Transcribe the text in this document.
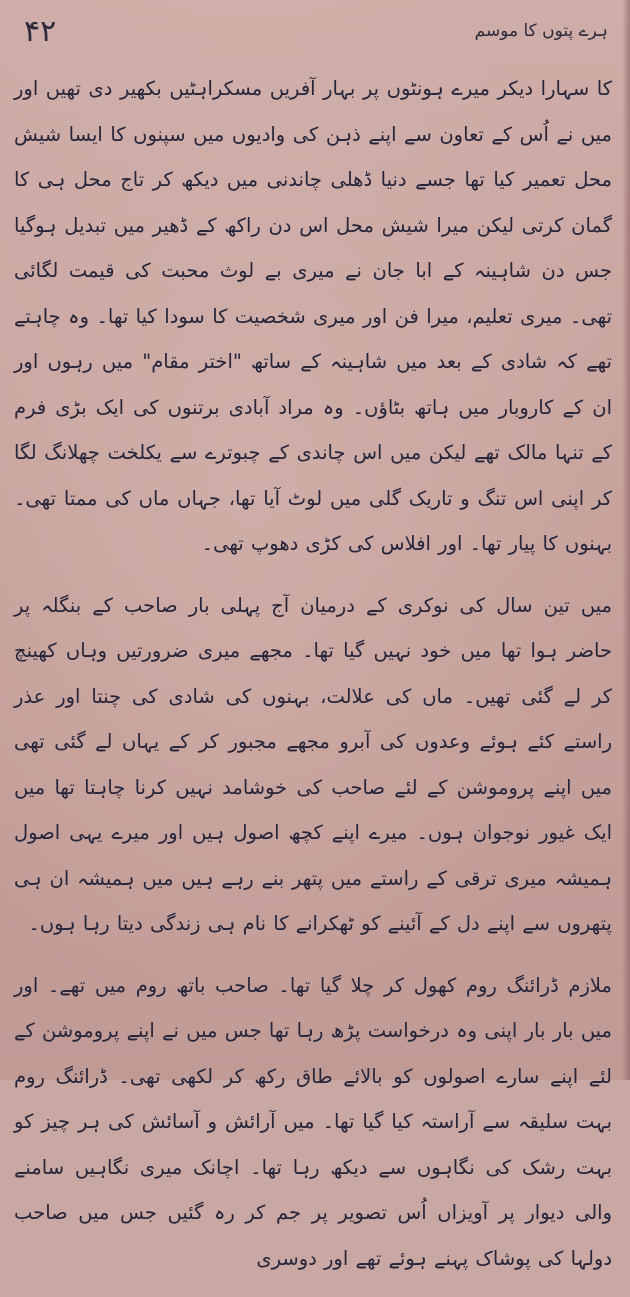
۴۲	ہرے پتوں کا موسم

کا سہارا دیکر میرے ہونٹوں پر بہار آفریں مسکراہٹیں بکھیر دی تھیں اور میں نے اُس کے تعاون سے اپنے ذہن کی وادیوں میں سپنوں کا ایسا شیش محل تعمیر کیا تھا جسے دنیا ڈھلی چاندنی میں دیکھ کر تاج محل ہی کا گمان کرتی لیکن میرا شیش محل اس دن راکھ کے ڈھیر میں تبدیل ہوگیا جس دن شاہینہ کے ابا جان نے میری بے لوث محبت کی قیمت لگائی تھی۔ میری تعلیم، میرا فن اور میری شخصیت کا سودا کیا تھا۔ وہ چاہتے تھے کہ شادی کے بعد میں شاہینہ کے ساتھ "اختر مقام" میں رہوں اور ان کے کاروبار میں ہاتھ بٹاؤں۔ وہ مراد آبادی برتنوں کی ایک بڑی فرم کے تنہا مالک تھے لیکن میں اس چاندی کے چبوترے سے یکلخت چھلانگ لگا کر اپنی اس تنگ و تاریک گلی میں لوٹ آیا تھا، جہاں ماں کی ممتا تھی۔ بہنوں کا پیار تھا۔ اور افلاس کی کڑی دھوپ تھی۔

میں تین سال کی نوکری کے درمیان آج پہلی بار صاحب کے بنگلہ پر حاضر ہوا تھا میں خود نہیں گیا تھا۔ مجھے میری ضرورتیں وہاں کھینچ کر لے گئی تھیں۔ ماں کی علالت، بہنوں کی شادی کی چنتا اور عذر راستے کئے ہوئے وعدوں کی آبرو مجھے مجبور کر کے یہاں لے گئی تھی میں اپنے پروموشن کے لئے صاحب کی خوشامد نہیں کرنا چاہتا تھا میں ایک غیور نوجوان ہوں۔ میرے اپنے کچھ اصول ہیں اور میرے یہی اصول ہمیشہ میری ترقی کے راستے میں پتھر بنے رہے ہیں میں ہمیشہ ان ہی پتھروں سے اپنے دل کے آئینے کو ٹھکرانے کا نام ہی زندگی دیتا رہا ہوں۔

ملازم ڈرائنگ روم کھول کر چلا گیا تھا۔ صاحب باتھ روم میں تھے۔ اور میں بار بار اپنی وہ درخواست پڑھ رہا تھا جس میں نے اپنے پروموشن کے لئے اپنے سارے اصولوں کو بالائے طاق رکھ کر لکھی تھی۔ ڈرائنگ روم بہت سلیقہ سے آراستہ کیا گیا تھا۔ میں آرائش و آسائش کی ہر چیز کو بہت رشک کی نگاہوں سے دیکھ رہا تھا۔ اچانک میری نگاہیں سامنے والی دیوار پر آویزاں اُس تصویر پر جم کر رہ گئیں جس میں صاحب دولہا کی پوشاک پہنے ہوئے تھے اور دوسری
